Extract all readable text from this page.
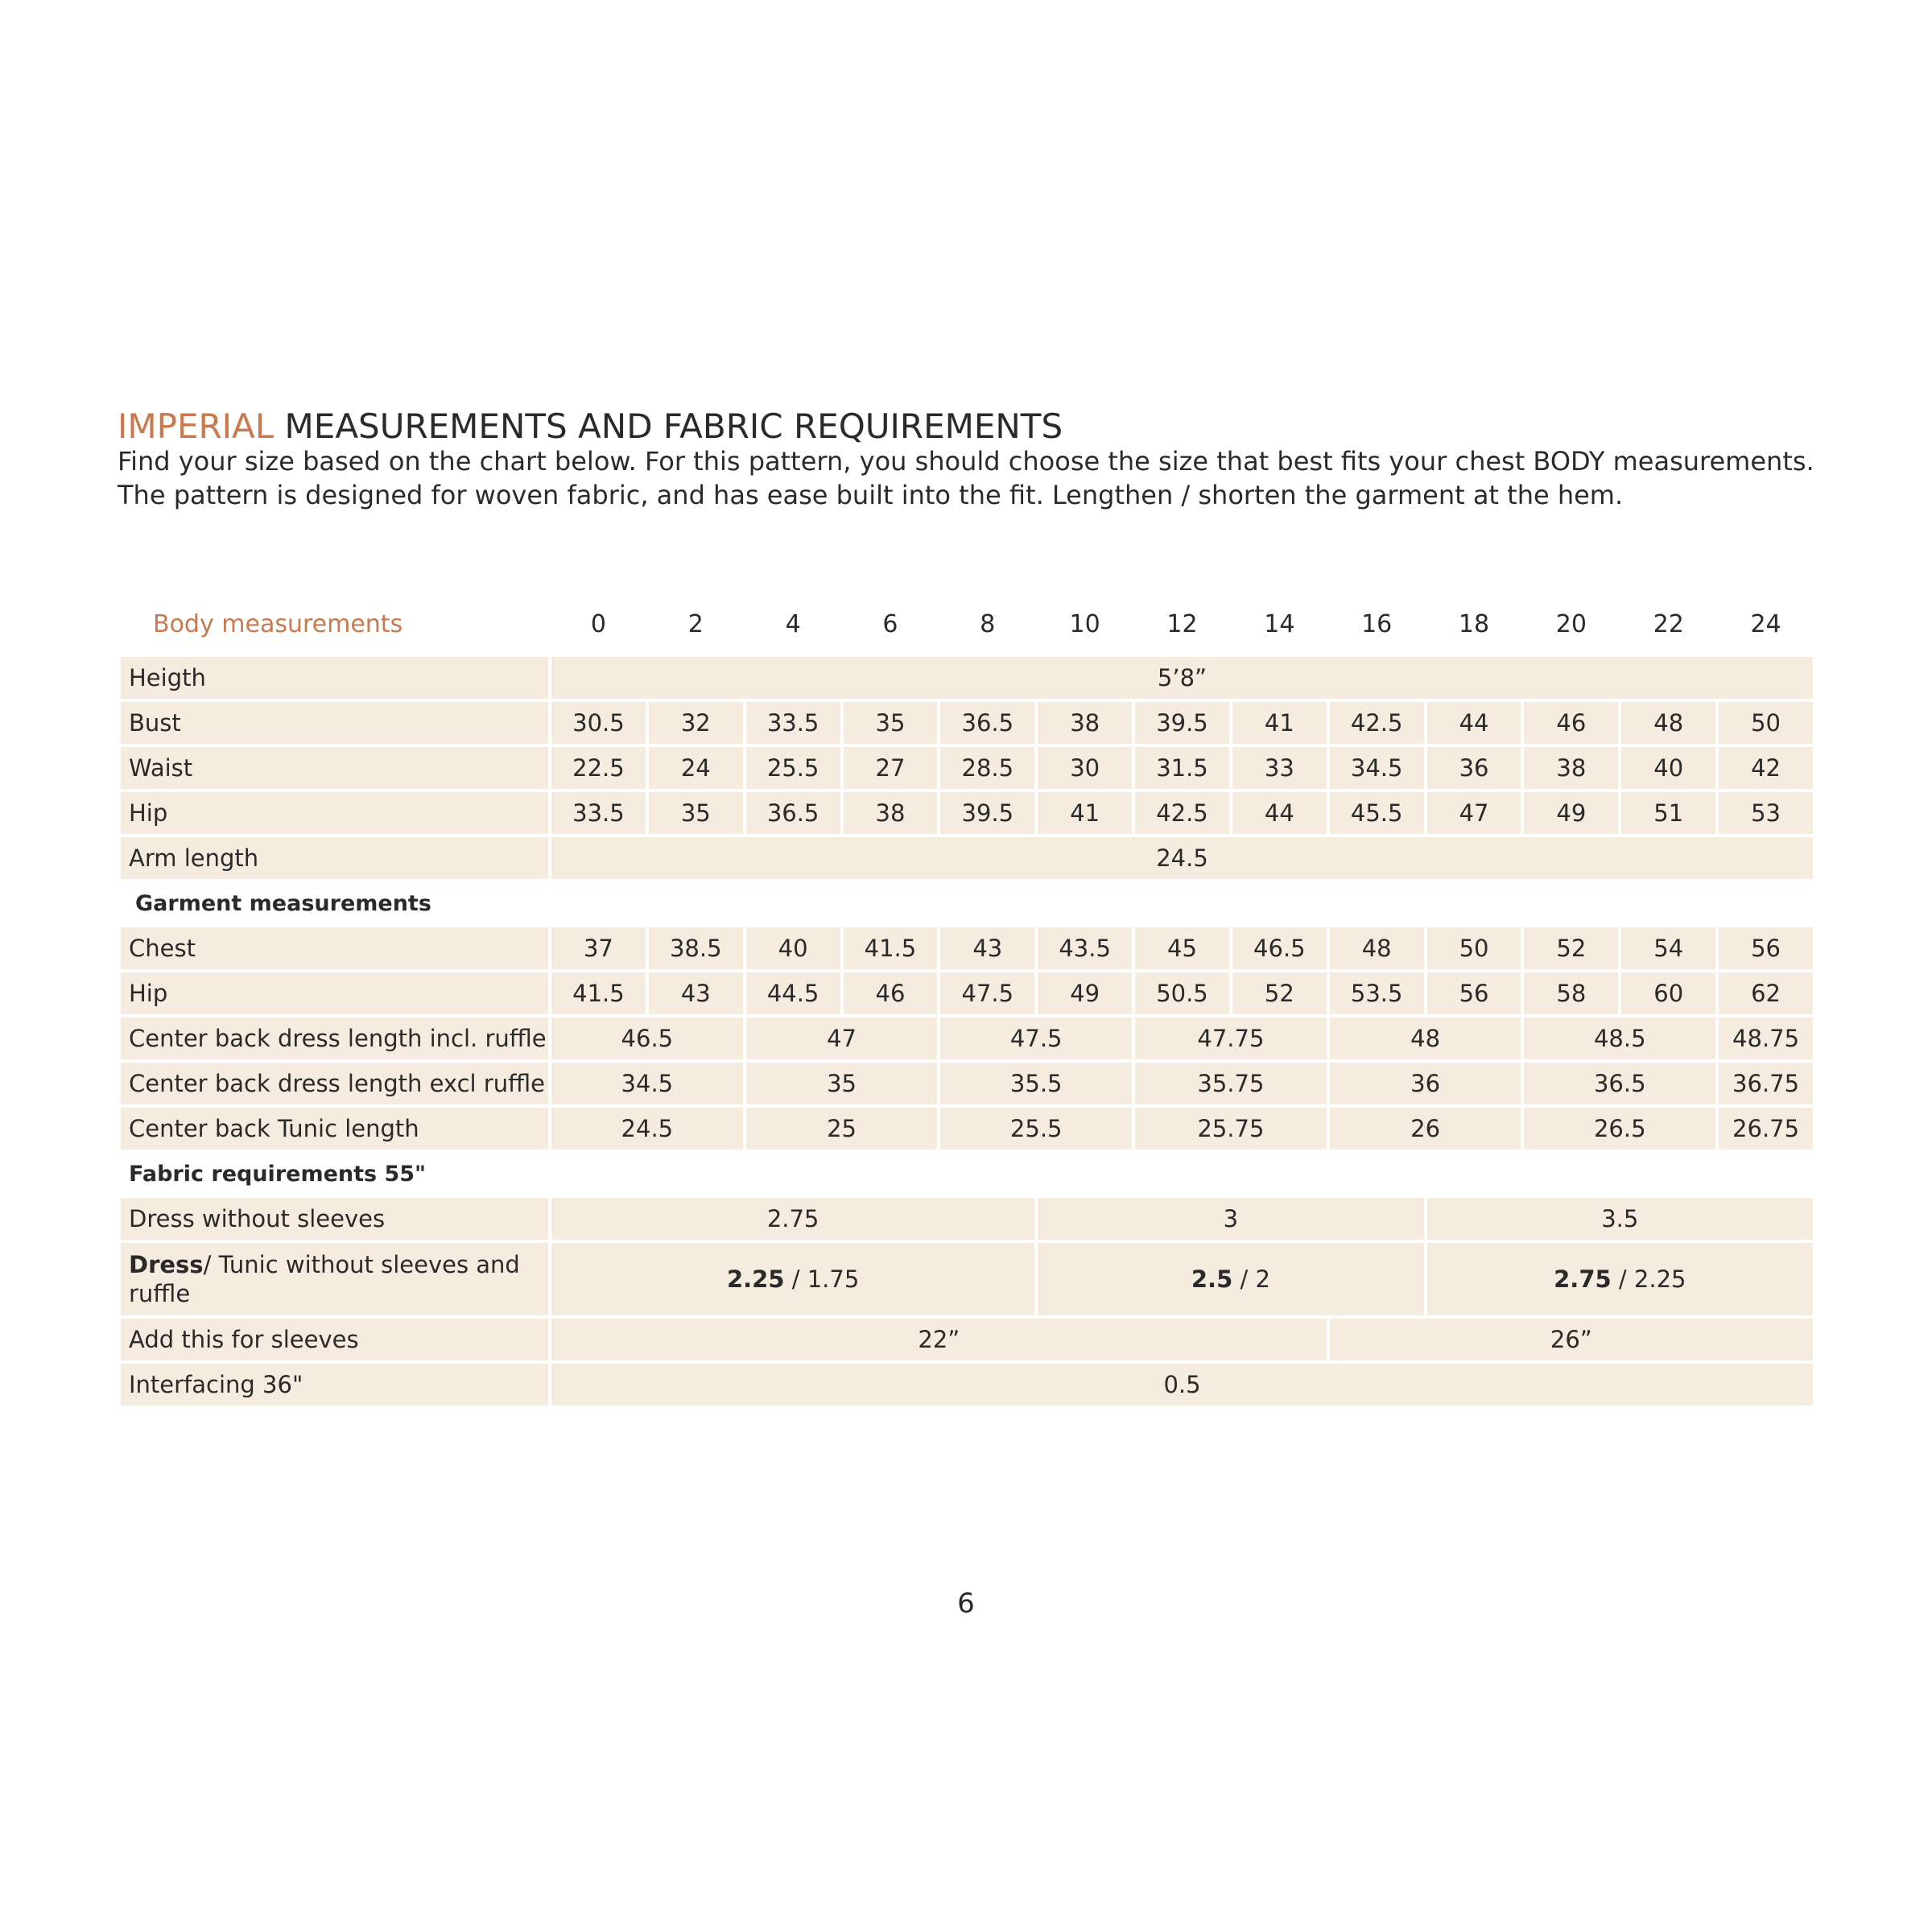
IMPERIAL MEASUREMENTS AND FABRIC REQUIREMENTS

Find your size based on the chart below. For this pattern, you should choose the size that best fits your chest BODY measurements.

The pattern is designed for woven fabric, and has ease built into the fit. Lengthen / shorten the garment at the hem.

Body measurements	0	2	4	6	8	10	12	14	16	18	20	22	24
Heigth	5’8”												
Bust	30.5	32	33.5	35	36.5	38	39.5	41	42.5	44	46	48	50
Waist	22.5	24	25.5	27	28.5	30	31.5	33	34.5	36	38	40	42
Hip	33.5	35	36.5	38	39.5	41	42.5	44	45.5	47	49	51	53
Arm length	24.5												
Garment measurements													
Chest	37	38.5	40	41.5	43	43.5	45	46.5	48	50	52	54	56
Hip	41.5	43	44.5	46	47.5	49	50.5	52	53.5	56	58	60	62
Center back dress length incl. ruffle	46.5		47		47.5		47.75		48		48.5		48.75
Center back dress length excl ruffle	34.5		35		35.5		35.75		36		36.5		36.75
Center back Tunic length	24.5		25		25.5		25.75		26		26.5		26.75
Fabric requirements 55"													
Dress without sleeves	2.75					3				3.5			
Dress/ Tunic without sleeves and ruffle	2.25 / 1.75					2.5 / 2				2.75 / 2.25			
Add this for sleeves	22”								26”				
Interfacing 36"	0.5												
6
